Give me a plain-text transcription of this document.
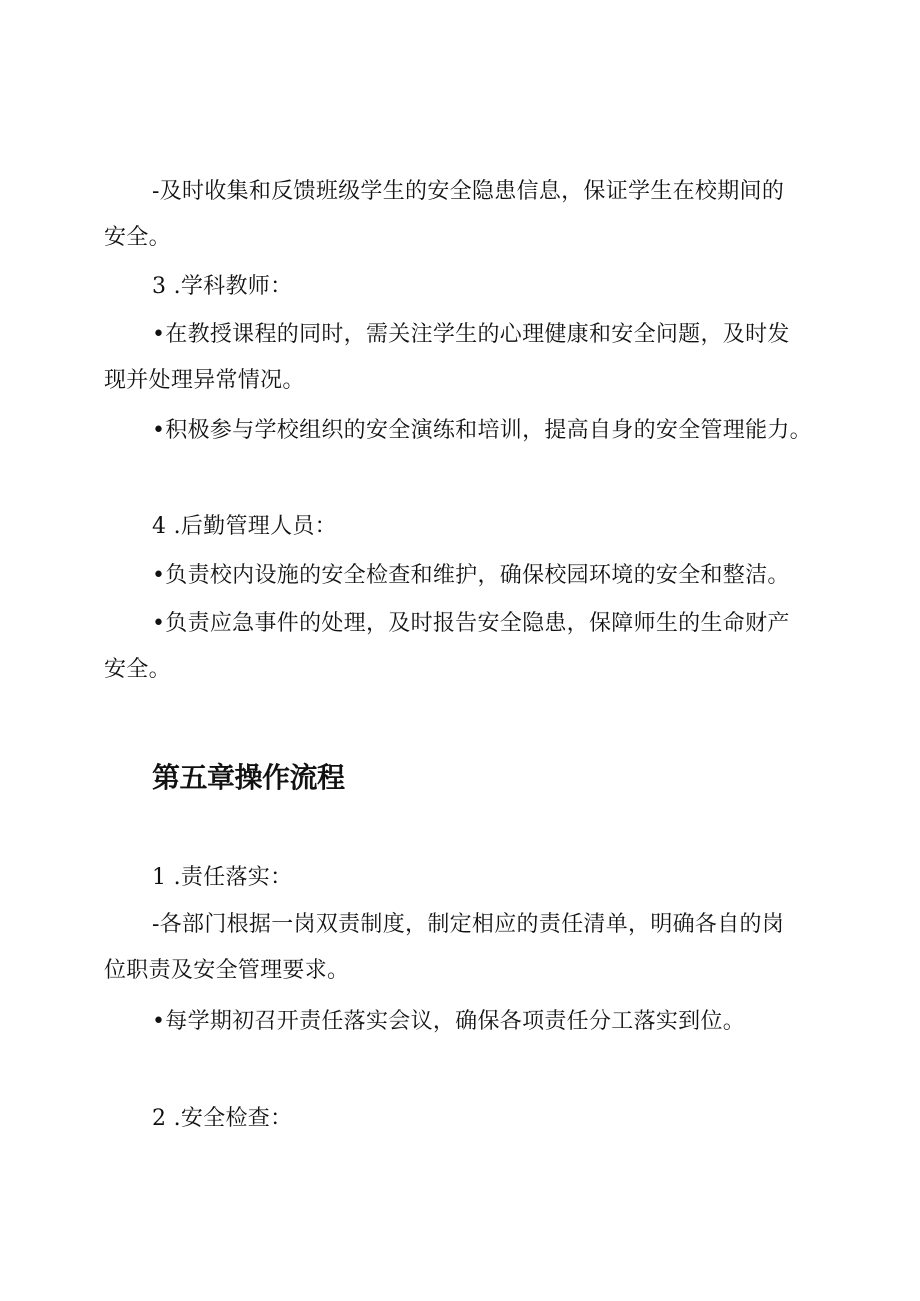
-及时收集和反馈班级学生的安全隐患信息，保证学生在校期间的
安全。
3 .学科教师：
•在教授课程的同时，需关注学生的心理健康和安全问题，及时发
现并处理异常情况。
•积极参与学校组织的安全演练和培训，提高自身的安全管理能力。
4 .后勤管理人员：
•负责校内设施的安全检查和维护，确保校园环境的安全和整洁。
•负责应急事件的处理，及时报告安全隐患，保障师生的生命财产
安全。
第五章操作流程
1 .责任落实：
-各部门根据一岗双责制度，制定相应的责任清单，明确各自的岗
位职责及安全管理要求。
•每学期初召开责任落实会议，确保各项责任分工落实到位。
2 .安全检查：
